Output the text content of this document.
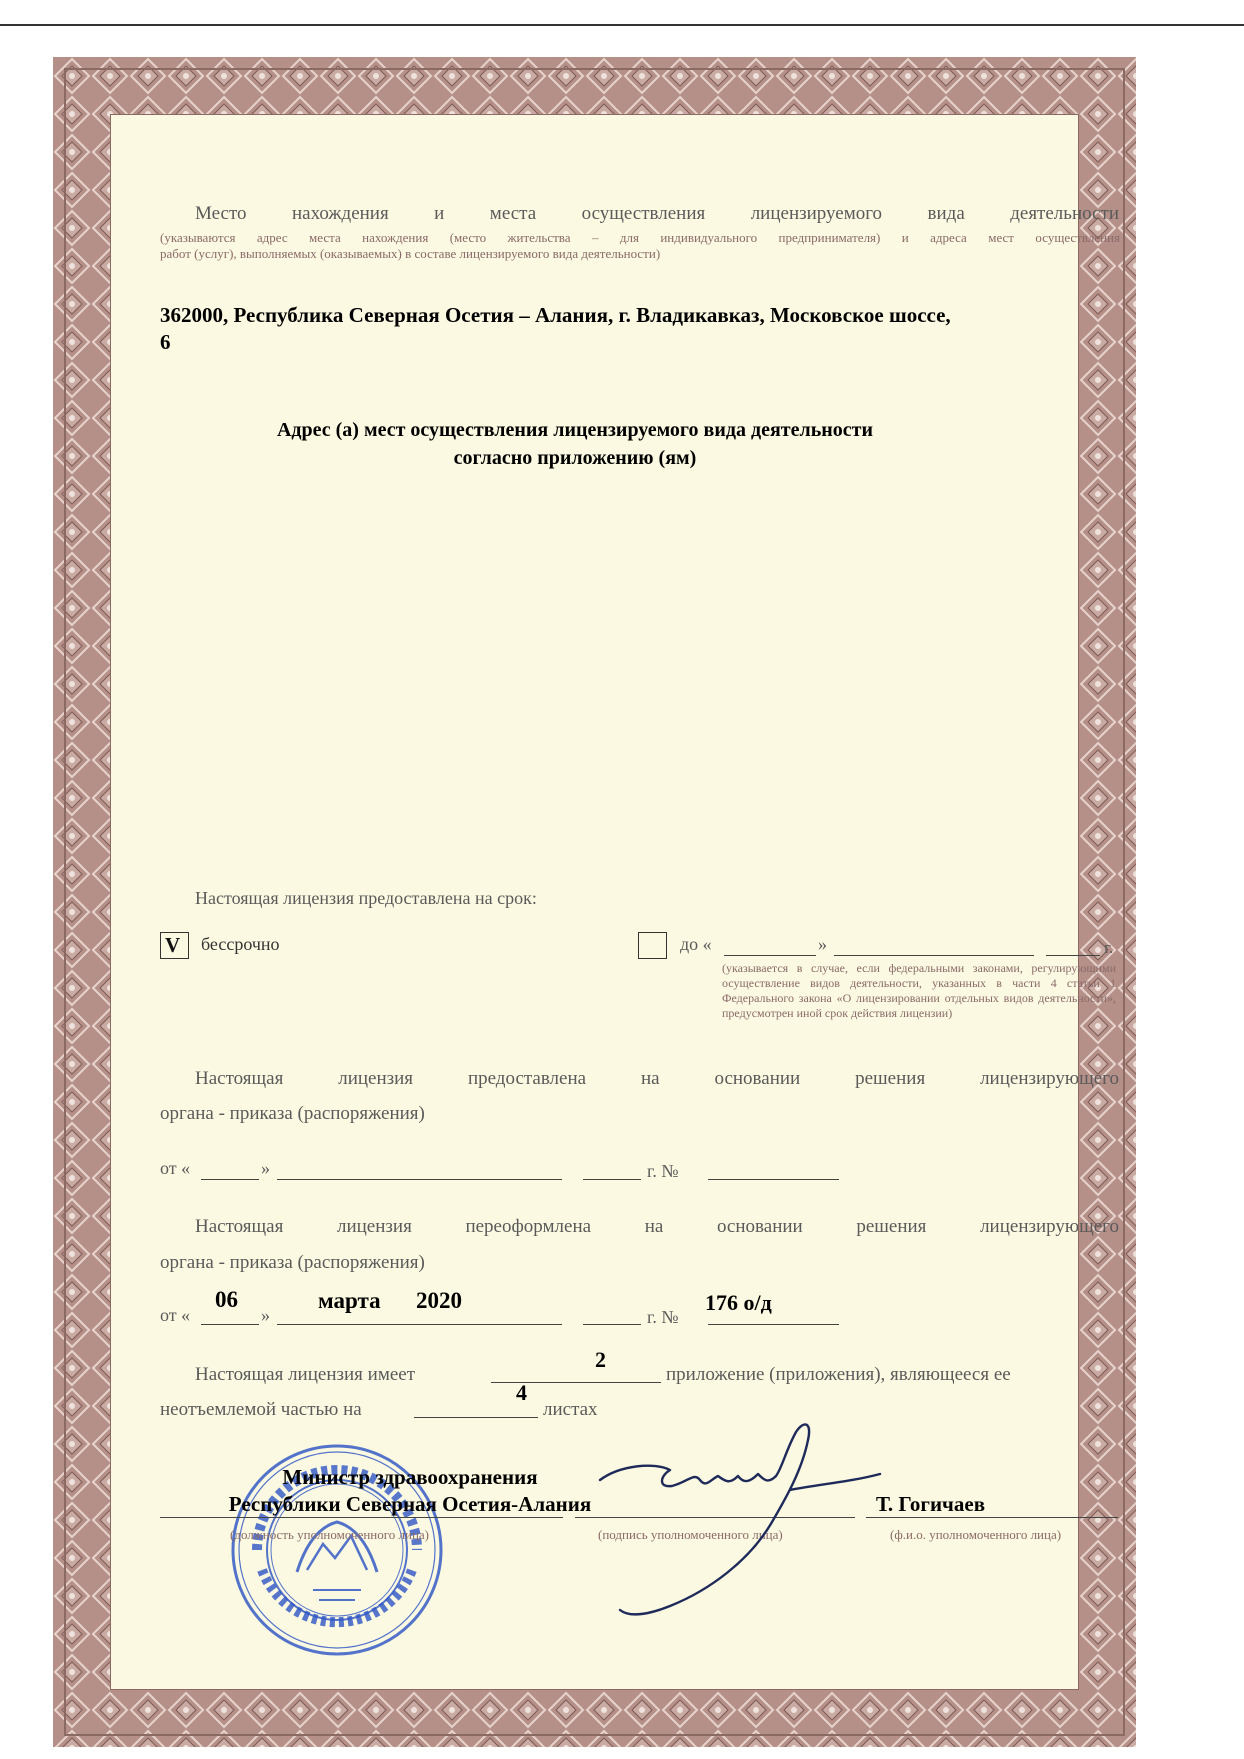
Место нахождения и места осуществления лицензируемого вида деятельности
(указываются адрес места нахождения (место жительства – для индивидуального предпринимателя) и адреса мест осуществления
работ (услуг), выполняемых (оказываемых) в составе лицензируемого вида деятельности)
362000, Республика Северная Осетия – Алания, г. Владикавказ, Московское шоссе,
6
Адрес (а) мест осуществления лицензируемого вида деятельности
согласно приложению (ям)
Настоящая лицензия предоставлена на срок:
V бессрочно	до «	»	г.
(указывается в случае, если федеральными законами, регулирующими осуществление видов деятельности, указанных в части 4 статьи 1 Федерального закона «О лицензировании отдельных видов деятельности», предусмотрен иной срок действия лицензии)
Настоящая лицензия предоставлена на основании решения лицензирующего
органа - приказа (распоряжения)
от «	»	г. №
Настоящая лицензия переоформлена на основании решения лицензирующего
органа - приказа (распоряжения)
от «
06
»
марта 2020
г. №
176 о/д
Настоящая лицензия имеет
2
приложение (приложения), являющееся ее
неотъемлемой частью на
4
листах
Министр здравоохранения
Республики Северная Осетия-Алания	Т. Гогичаев
(должность уполномоченного лица)	(подпись уполномоченного лица)	(ф.и.о. уполномоченного лица)
